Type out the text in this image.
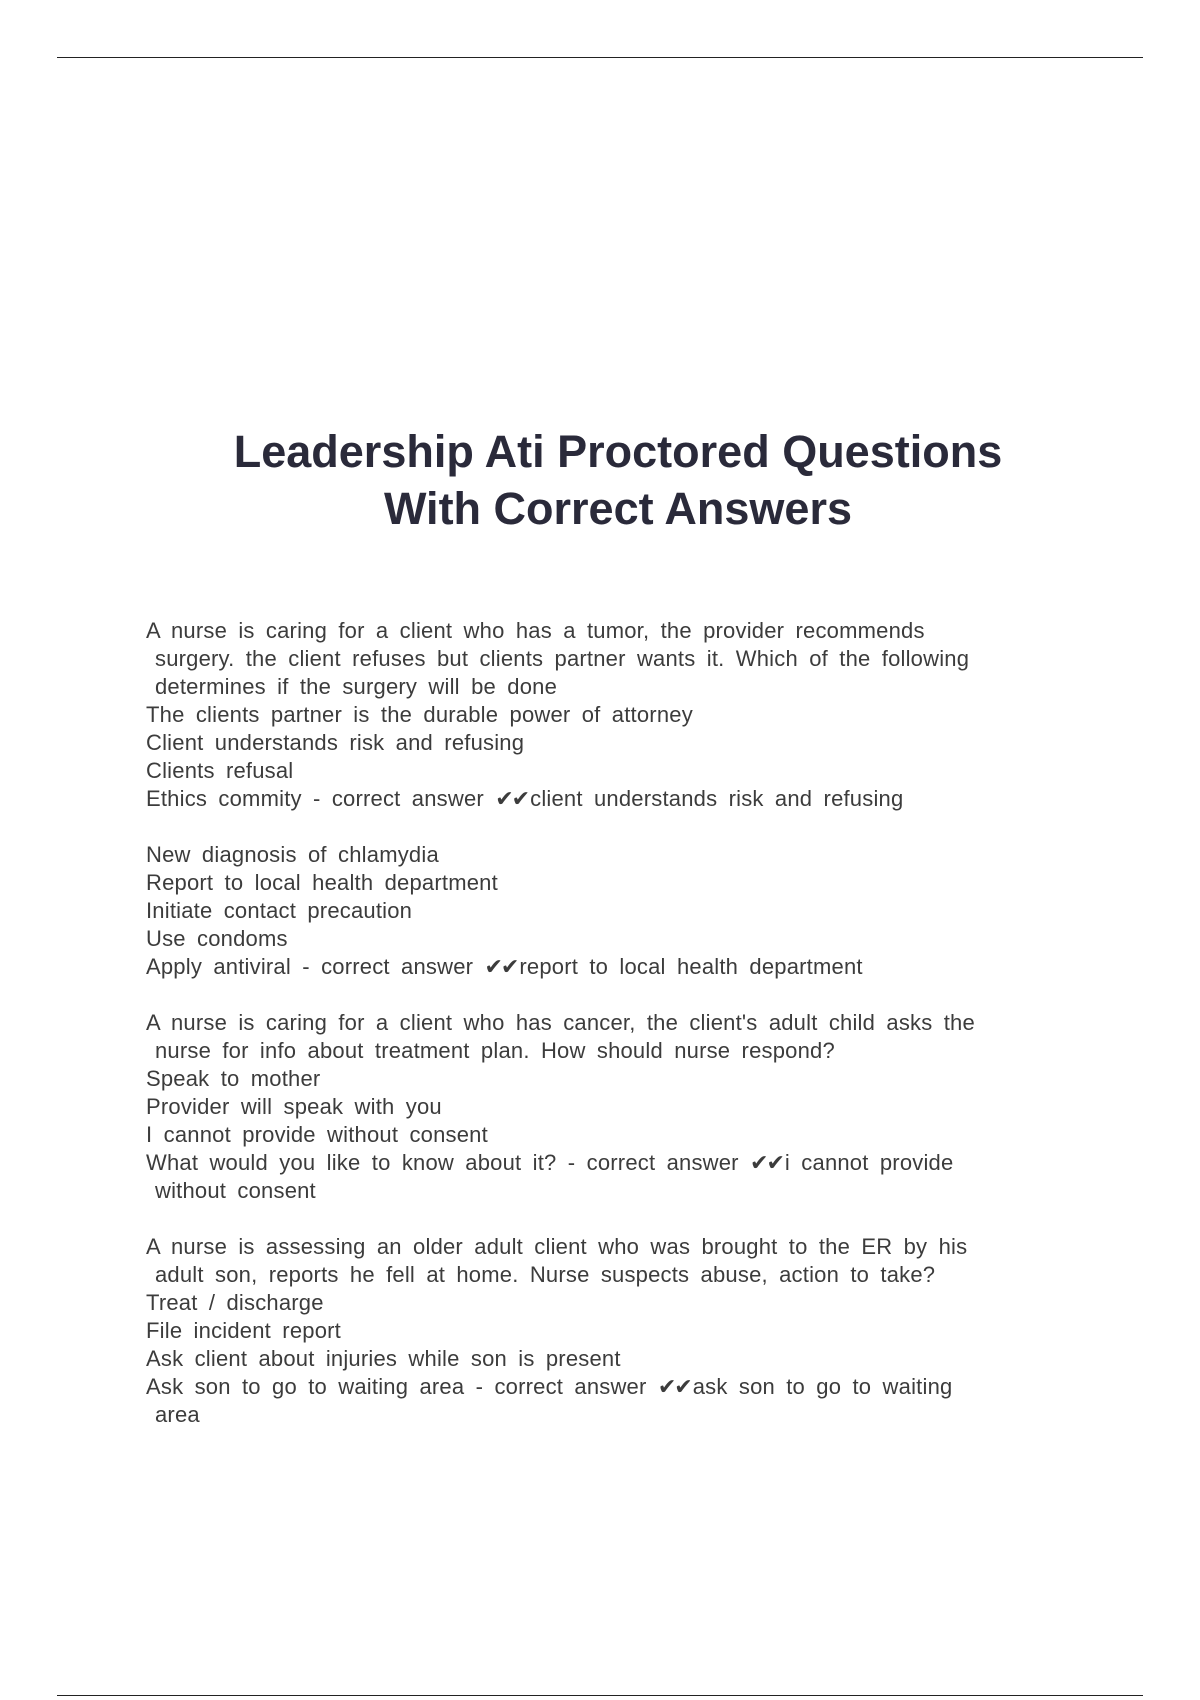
Leadership Ati Proctored Questions
With Correct Answers
A nurse is caring for a client who has a tumor, the provider recommends
surgery. the client refuses but clients partner wants it. Which of the following
determines if the surgery will be done
The clients partner is the durable power of attorney
Client understands risk and refusing
Clients refusal
Ethics commity - correct answer ✔✔client understands risk and refusing
New diagnosis of chlamydia
Report to local health department
Initiate contact precaution
Use condoms
Apply antiviral - correct answer ✔✔report to local health department
A nurse is caring for a client who has cancer, the client's adult child asks the
nurse for info about treatment plan. How should nurse respond?
Speak to mother
Provider will speak with you
I cannot provide without consent
What would you like to know about it? - correct answer ✔✔i cannot provide
without consent
A nurse is assessing an older adult client who was brought to the ER by his
adult son, reports he fell at home. Nurse suspects abuse, action to take?
Treat / discharge
File incident report
Ask client about injuries while son is present
Ask son to go to waiting area - correct answer ✔✔ask son to go to waiting
area
